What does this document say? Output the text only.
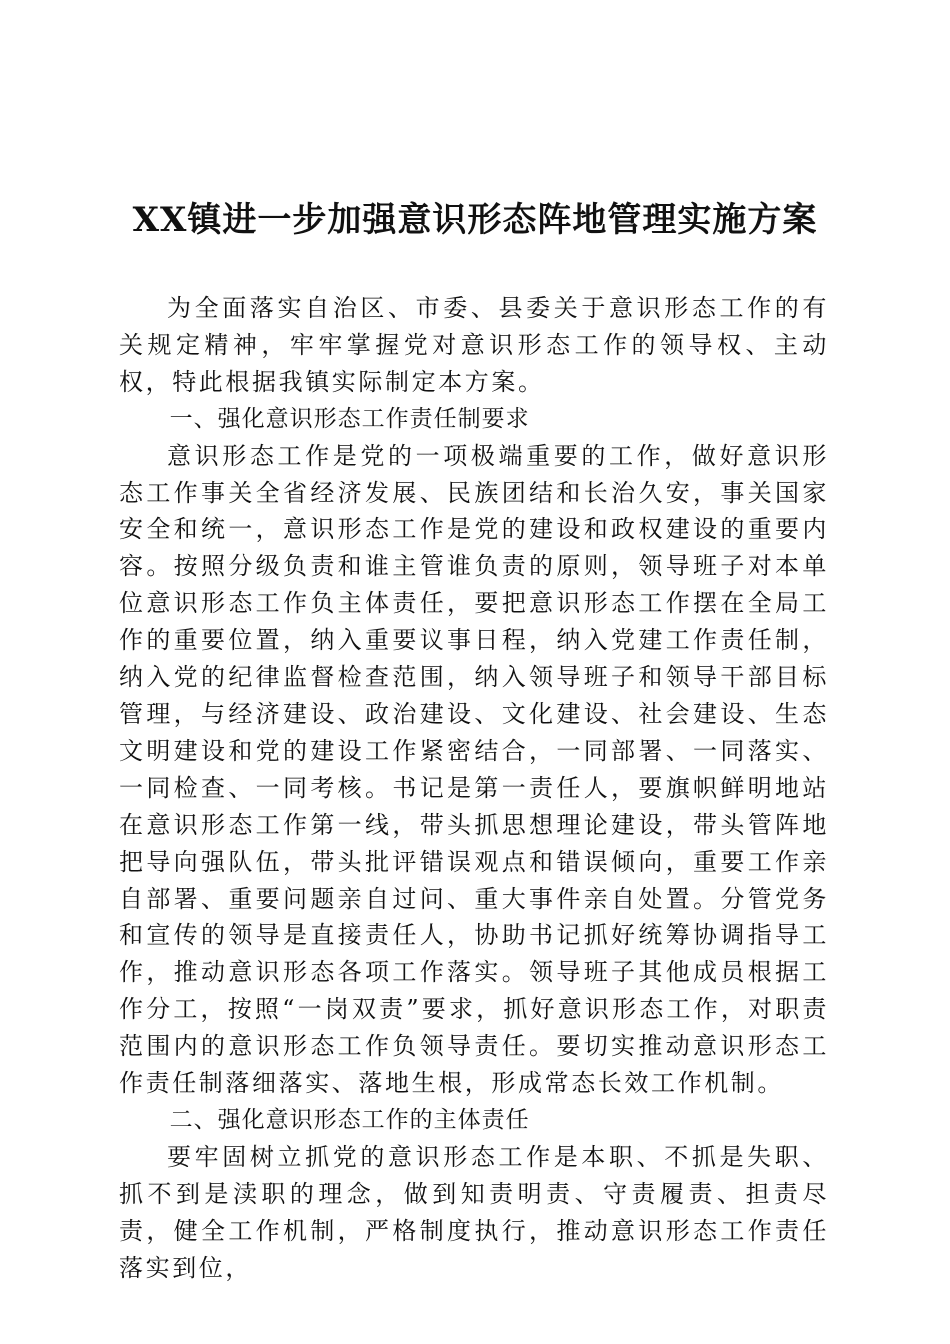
XX镇进一步加强意识形态阵地管理实施方案

为全面落实自治区、市委、县委关于意识形态工作的有关规定精神，牢牢掌握党对意识形态工作的领导权、主动权，特此根据我镇实际制定本方案。

一、强化意识形态工作责任制要求

意识形态工作是党的一项极端重要的工作，做好意识形态工作事关全省经济发展、民族团结和长治久安，事关国家安全和统一，意识形态工作是党的建设和政权建设的重要内容。按照分级负责和谁主管谁负责的原则，领导班子对本单位意识形态工作负主体责任，要把意识形态工作摆在全局工作的重要位置，纳入重要议事日程，纳入党建工作责任制，纳入党的纪律监督检查范围，纳入领导班子和领导干部目标管理，与经济建设、政治建设、文化建设、社会建设、生态文明建设和党的建设工作紧密结合，一同部署、一同落实、一同检查、一同考核。书记是第一责任人，要旗帜鲜明地站在意识形态工作第一线，带头抓思想理论建设，带头管阵地把导向强队伍，带头批评错误观点和错误倾向，重要工作亲自部署、重要问题亲自过问、重大事件亲自处置。分管党务和宣传的领导是直接责任人，协助书记抓好统筹协调指导工作，推动意识形态各项工作落实。领导班子其他成员根据工作分工，按照“一岗双责”要求，抓好意识形态工作，对职责范围内的意识形态工作负领导责任。要切实推动意识形态工作责任制落细落实、落地生根，形成常态长效工作机制。

二、强化意识形态工作的主体责任

要牢固树立抓党的意识形态工作是本职、不抓是失职、抓不到是渎职的理念，做到知责明责、守责履责、担责尽责，健全工作机制，严格制度执行，推动意识形态工作责任落实到位，
